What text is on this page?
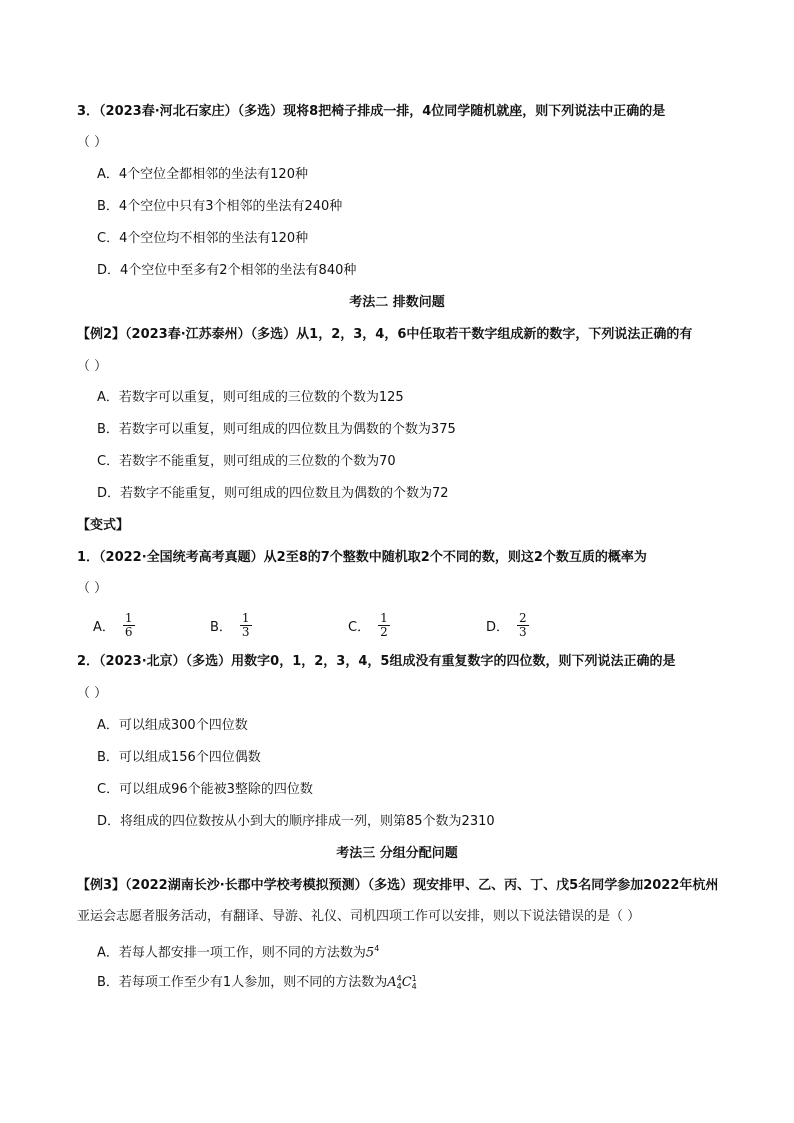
3．（2023春·河北石家庄）（多选）现将8把椅子排成一排，4位同学随机就座，则下列说法中正确的是
（ ）
A．4个空位全都相邻的坐法有120种
B．4个空位中只有3个相邻的坐法有240种
C．4个空位均不相邻的坐法有120种
D．4个空位中至多有2个相邻的坐法有840种
考法二 排数问题
【例2】（2023春·江苏泰州）（多选）从1，2，3，4，6中任取若干数字组成新的数字，下列说法正确的有
（ ）
A．若数字可以重复，则可组成的三位数的个数为125
B．若数字可以重复，则可组成的四位数且为偶数的个数为375
C．若数字不能重复，则可组成的三位数的个数为70
D．若数字不能重复，则可组成的四位数且为偶数的个数为72
【变式】
1．（2022·全国统考高考真题）从2至8的7个整数中随机取2个不同的数，则这2个数互质的概率为
（ ）
A． $\frac{1}{6}$	B． $\frac{1}{3}$	C． $\frac{1}{2}$	D． $\frac{2}{3}$
2．（2023·北京）（多选）用数字0，1，2，3，4，5组成没有重复数字的四位数，则下列说法正确的是
（ ）
A．可以组成300个四位数
B．可以组成156个四位偶数
C．可以组成96个能被3整除的四位数
D．将组成的四位数按从小到大的顺序排成一列，则第85个数为2310
考法三 分组分配问题
【例3】（2022湖南长沙·长郡中学校考模拟预测）（多选）现安排甲、乙、丙、丁、戊5名同学参加2022年杭州
亚运会志愿者服务活动，有翻译、导游、礼仪、司机四项工作可以安排，则以下说法错误的是（ ）
A．若每人都安排一项工作，则不同的方法数为$5^4$
B．若每项工作至少有1人参加，则不同的方法数为A 4
4 C 1
4
